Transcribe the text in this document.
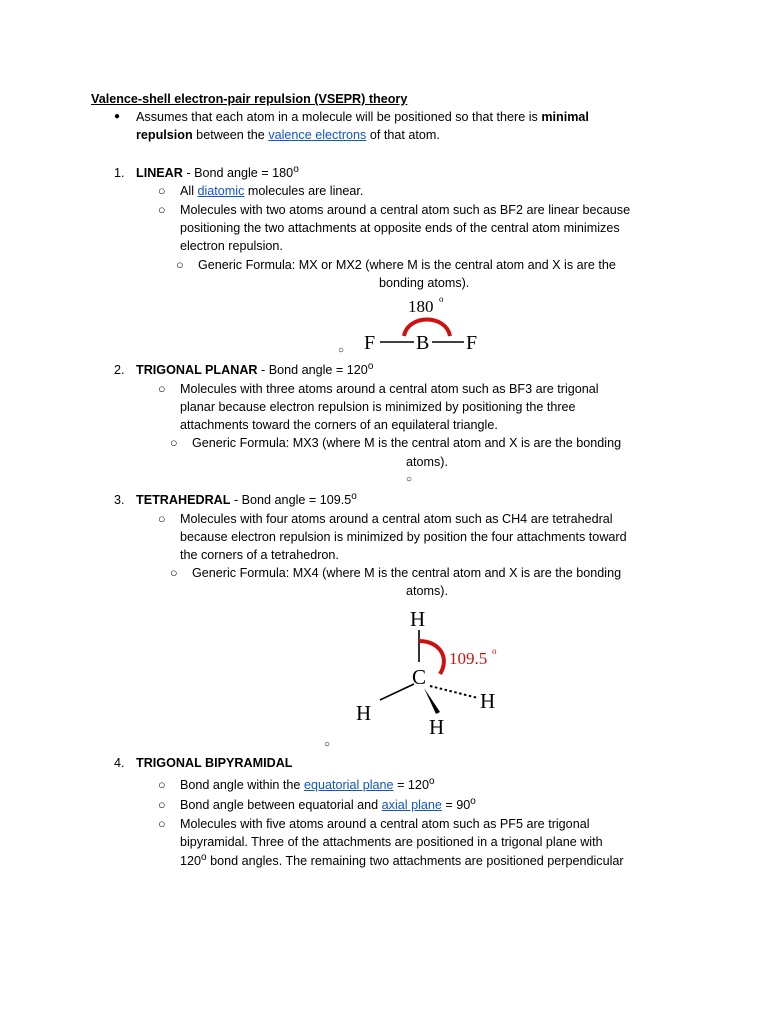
Valence-shell electron-pair repulsion (VSEPR) theory
● Assumes that each atom in a molecule will be positioned so that there is minimal
repulsion between the valence electrons of that atom.
1. LINEAR - Bond angle = $180^o$
○ All diatomic molecules are linear.
○ Molecules with two atoms around a central atom such as BF2 are linear because
positioning the two attachments at opposite ends of the central atom minimizes
electron repulsion.
○ Generic Formula: MX or MX2 (where M is the central atom and X is are the
bonding atoms).
○
180 o
F B F
2. TRIGONAL PLANAR - Bond angle = $120^o$
○ Molecules with three atoms around a central atom such as BF3 are trigonal
planar because electron repulsion is minimized by positioning the three
attachments toward the corners of an equilateral triangle.
○ Generic Formula: MX3 (where M is the central atom and X is are the bonding
atoms).
○
3. TETRAHEDRAL - Bond angle = $109.5^o$
○ Molecules with four atoms around a central atom such as CH4 are tetrahedral
because electron repulsion is minimized by position the four attachments toward
the corners of a tetrahedron.
○ Generic Formula: MX4 (where M is the central atom and X is are the bonding
atoms).
H
109.5 o
C
H
H
H
○
4. TRIGONAL BIPYRAMIDAL
○ Bond angle within the equatorial plane = $120^o$
○ Bond angle between equatorial and axial plane = $90^o$
○ Molecules with five atoms around a central atom such as PF5 are trigonal
bipyramidal. Three of the attachments are positioned in a trigonal plane with
120$^o$ bond angles. The remaining two attachments are positioned perpendicular
